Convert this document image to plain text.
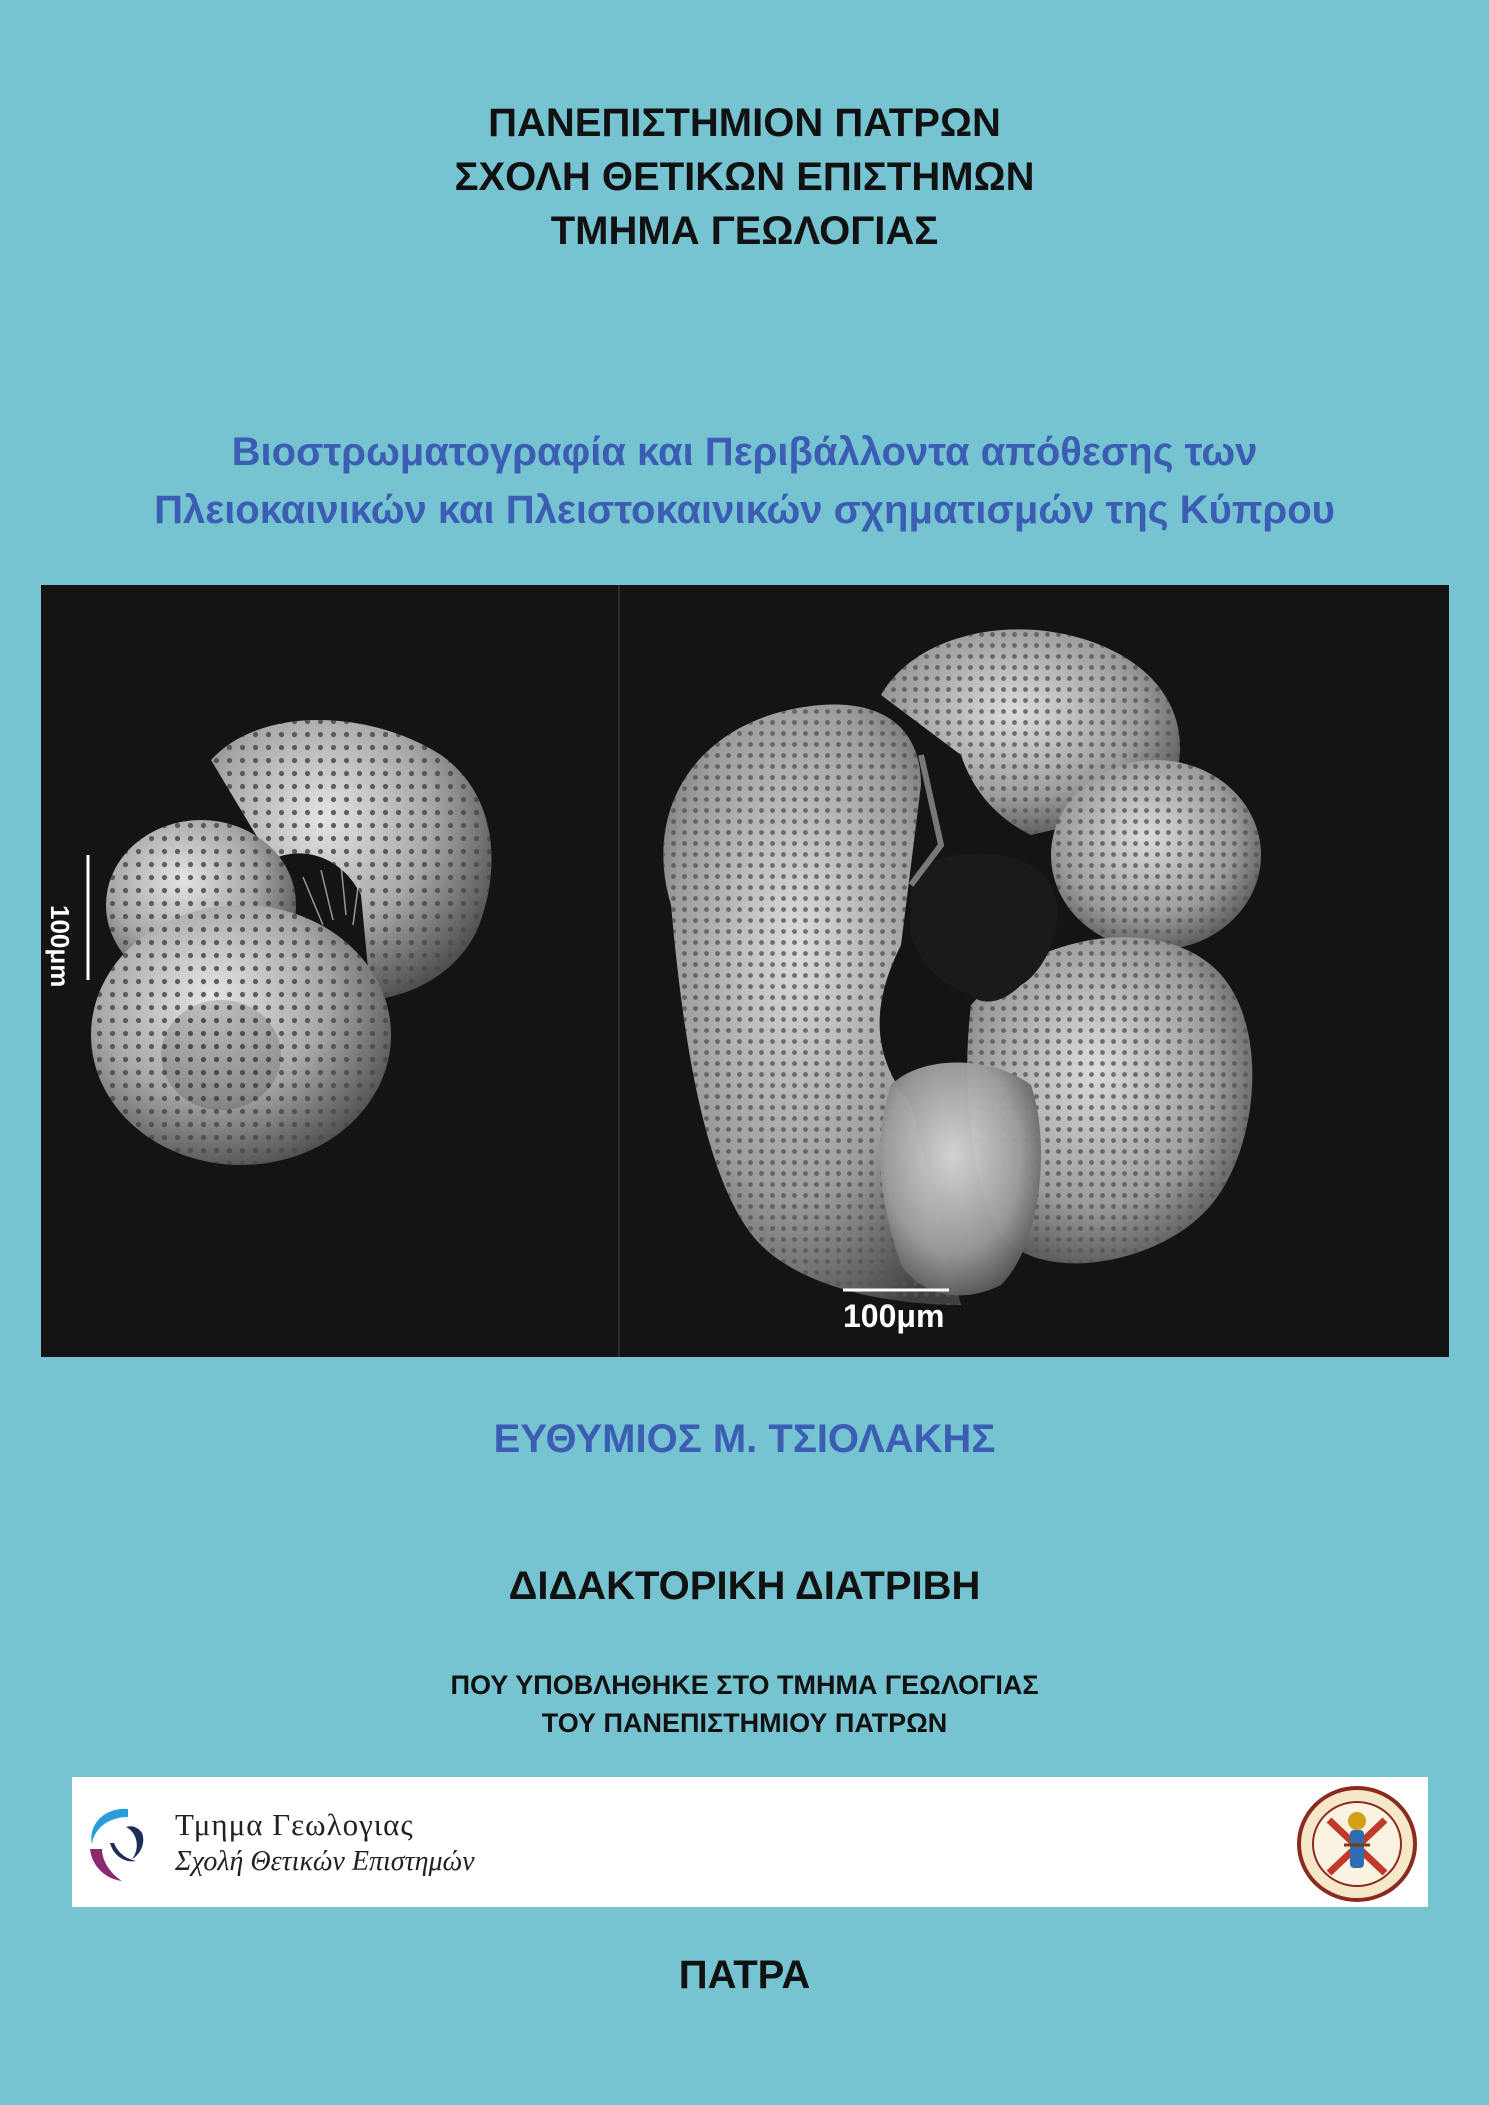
ΠΑΝΕΠΙΣΤΗΜΙΟΝ ΠΑΤΡΩΝ
ΣΧΟΛΗ ΘΕΤΙΚΩΝ ΕΠΙΣΤΗΜΩΝ
ΤΜΗΜΑ ΓΕΩΛΟΓΙΑΣ
Βιοστρωματογραφία και Περιβάλλοντα απόθεσης των
Πλειοκαινικών και Πλειστοκαινικών σχηματισμών της Κύπρου
100μm
100μm
ΕΥΘΥΜΙΟΣ Μ. ΤΣΙΟΛΑΚΗΣ
ΔΙΔΑΚΤΟΡΙΚΗ ΔΙΑΤΡΙΒΗ
ΠΟΥ ΥΠΟΒΛΗΘΗΚΕ ΣΤΟ ΤΜΗΜΑ ΓΕΩΛΟΓΙΑΣ
ΤΟΥ ΠΑΝΕΠΙΣΤΗΜΙΟΥ ΠΑΤΡΩΝ
Τμημα Γεωλογιας
Σχολή Θετικών Επιστημών
ΠΑΤΡΑ
